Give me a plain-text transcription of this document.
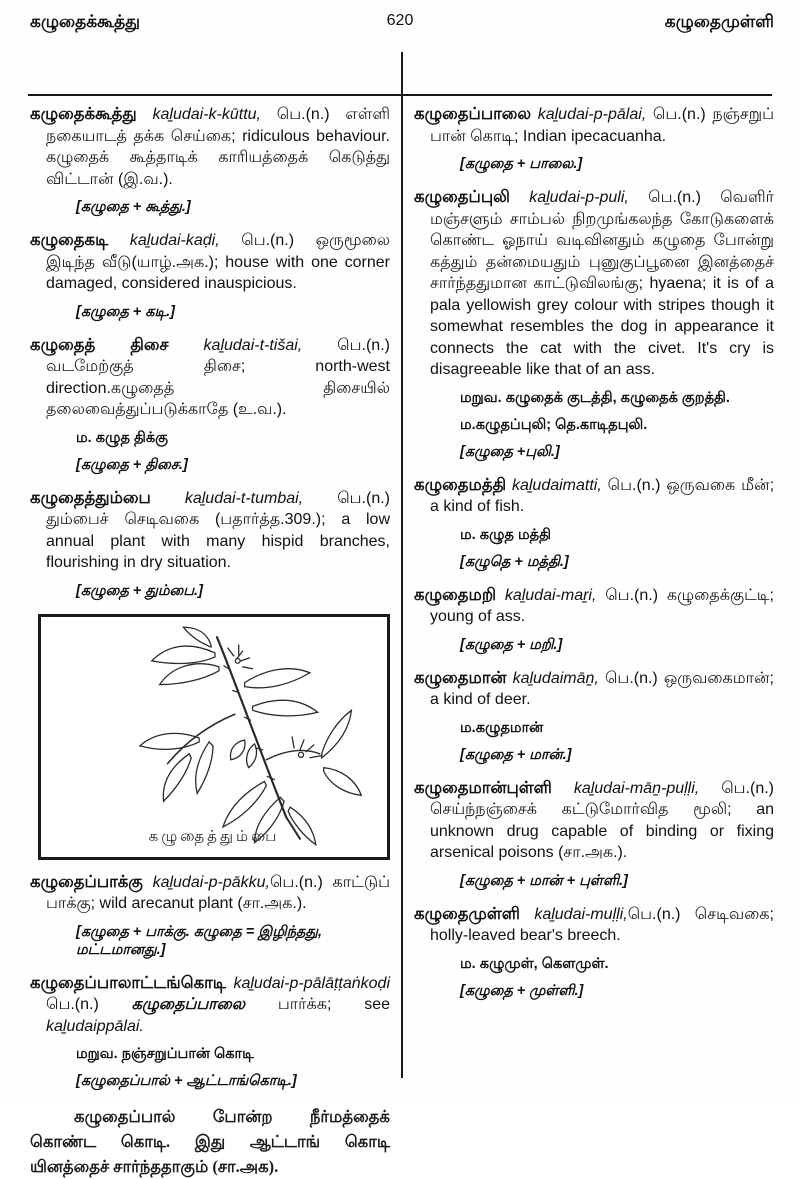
கழுதைக்கூத்து	620	கழுதைமுள்ளி

கழுதைக்கூத்து kaḻudai-k-kūttu, பெ.(n.) எள்ளி நகையாடத் தக்க செய்கை; ridiculous behaviour. கழுதைக் கூத்தாடிக் காரியத்தைக் கெடுத்து விட்டான் (இ.வ.).

[கழுதை + கூத்து.]

கழுதைகடி kaḻudai-kaḍi, பெ.(n.) ஒருமூலை இடிந்த வீடு(யாழ்.அக.); house with one corner damaged, considered inauspicious.

[கழுதை + கடி.]

கழுதைத் திசை kaḻudai-t-tišai, பெ.(n.) வடமேற்குத் திசை; north-west direction.கழுதைத் திசையில் தலைவைத்துப்படுக்காதே (உ.வ.).

ம. கழுத திக்கு

[கழுதை + திசை.]

கழுதைத்தும்பை kaḻudai-t-tumbai, பெ.(n.) தும்பைச் செடிவகை (பதார்த்த.309.); a low annual plant with many hispid branches, flourishing in dry situation.

[கழுதை + தும்பை.]

கழுதைத்தும்பை

கழுதைப்பாக்கு kaḻudai-p-pākku,பெ.(n.) காட்டுப் பாக்கு; wild arecanut plant (சா.அக.).

[கழுதை + பாக்கு. கழுதை = இழிந்தது, மட்டமானது.]

கழுதைப்பாலாட்டங்கொடி kaḻudai-p-pālāṭṭaṅkoḍi பெ.(n.) கழுதைப்பாலை பார்க்க; see kaḻudaippālai.

மறுவ. நஞ்சறுப்பான் கொடி

[கழுதைப்பால் + ஆட்டாங்கொடி.]

கழுதைப்பால் போன்ற நீர்மத்தைக் கொண்ட கொடி. இது ஆட்டாங் கொடி யினத்தைச் சார்ந்ததாகும் (சா.அக).

கழுதைப்பாலை kaḻudai-p-pālai, பெ.(n.) நஞ்சறுப் பான் கொடி; Indian ipecacuanha.

[கழுதை + பாலை.]

கழுதைப்புலி kaḻudai-p-puli, பெ.(n.) வெளிர் மஞ்சளும் சாம்பல் நிறமுங்கலந்த கோடுகளைக் கொண்ட ஓநாய் வடிவினதும் கழுதை போன்று கத்தும் தன்மையதும் புனுகுப்பூனை இனத்தைச் சார்ந்ததுமான காட்டுவிலங்கு; hyaena; it is of a pala yellowish grey colour with stripes though it somewhat resembles the dog in appearance it connects the cat with the civet. It's cry is disagreeable like that of an ass.

மறுவ. கழுதைக் குடத்தி, கழுதைக் குறத்தி.

ம.கழுதப்புலி; தெ.காடிதபுலி.

[கழுதை +புலி.]

கழுதைமத்தி kaḻudaimatti, பெ.(n.) ஒருவகை மீன்; a kind of fish.

ம. கழுத மத்தி

[கழுதெ + மத்தி.]

கழுதைமறி kaḻudai-maṟi, பெ.(n.) கழுதைக்குட்டி; young of ass.

[கழுதை + மறி.]

கழுதைமான் kaḻudaimāṉ, பெ.(n.) ஒருவகைமான்; a kind of deer.

ம.கழுதமான்

[கழுதை + மான்.]

கழுதைமான்புள்ளி kaḻudai-māṉ-puḷḷi, பெ.(n.) செய்ந்நஞ்சைக் கட்டுமோர்வித மூலி; an unknown drug capable of binding or fixing arsenical poisons (சா.அக.).

[கழுதை + மான் + புள்ளி.]

கழுதைமுள்ளி kaḻudai-muḷḷi,பெ.(n.) செடிவகை; holly-leaved bear's breech.

ம. கழுமுள், கெளமுள்.

[கழுதை + முள்ளி.]
